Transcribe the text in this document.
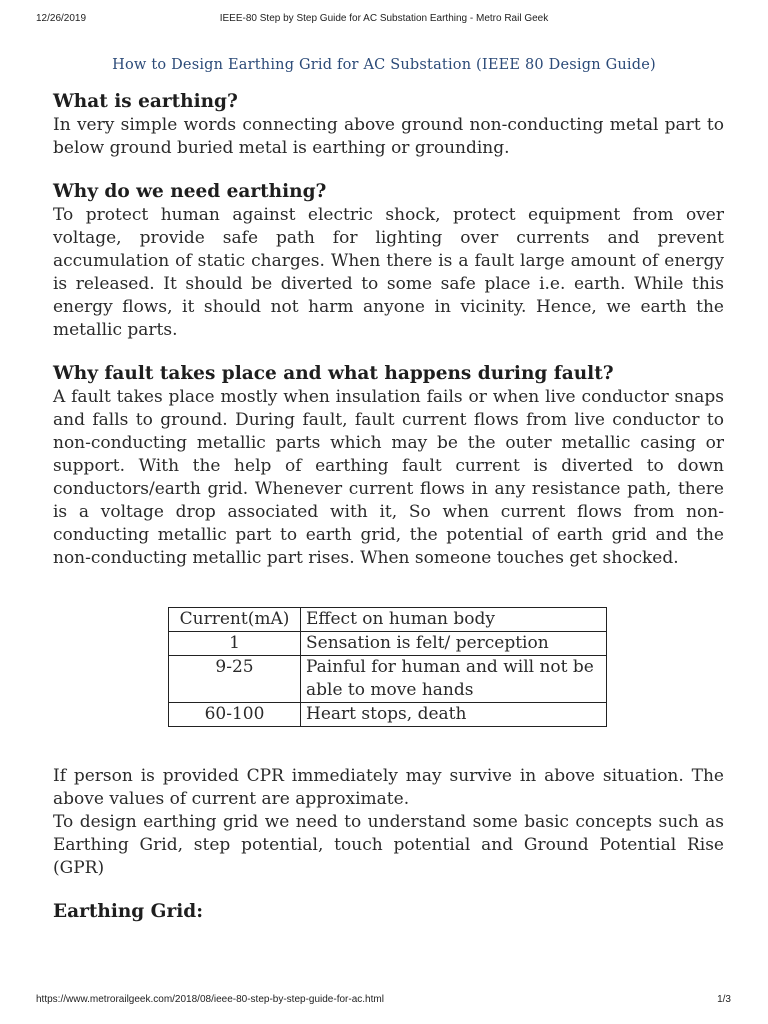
12/26/2019	IEEE-80 Step by Step Guide for AC Substation Earthing - Metro Rail Geek
How to Design Earthing Grid for AC Substation (IEEE 80 Design Guide)
What is earthing?

In very simple words connecting above ground non-conducting metal part to below ground buried metal is earthing or grounding.

Why do we need earthing?

To protect human against electric shock, protect equipment from over voltage, provide safe path for lighting over currents and prevent accumulation of static charges. When there is a fault large amount of energy is released. It should be diverted to some safe place i.e. earth. While this energy flows, it should not harm anyone in vicinity. Hence, we earth the metallic parts.

Why fault takes place and what happens during fault?

A fault takes place mostly when insulation fails or when live conductor snaps and falls to ground. During fault, fault current flows from live conductor to non-conducting metallic parts which may be the outer metallic casing or support. With the help of earthing fault current is diverted to down conductors/earth grid. Whenever current flows in any resistance path, there is a voltage drop associated with it, So when current flows from non-conducting metallic part to earth grid, the potential of earth grid and the non-conducting metallic part rises. When someone touches get shocked.

Current(mA)	Effect on human body
1	Sensation is felt/ perception
9-25	Painful for human and will not be able to move hands
60-100	Heart stops, death

If person is provided CPR immediately may survive in above situation. The above values of current are approximate.

To design earthing grid we need to understand some basic concepts such as Earthing Grid, step potential, touch potential and Ground Potential Rise (GPR)

Earthing Grid:
https://www.metrorailgeek.com/2018/08/ieee-80-step-by-step-guide-for-ac.html	1/3
